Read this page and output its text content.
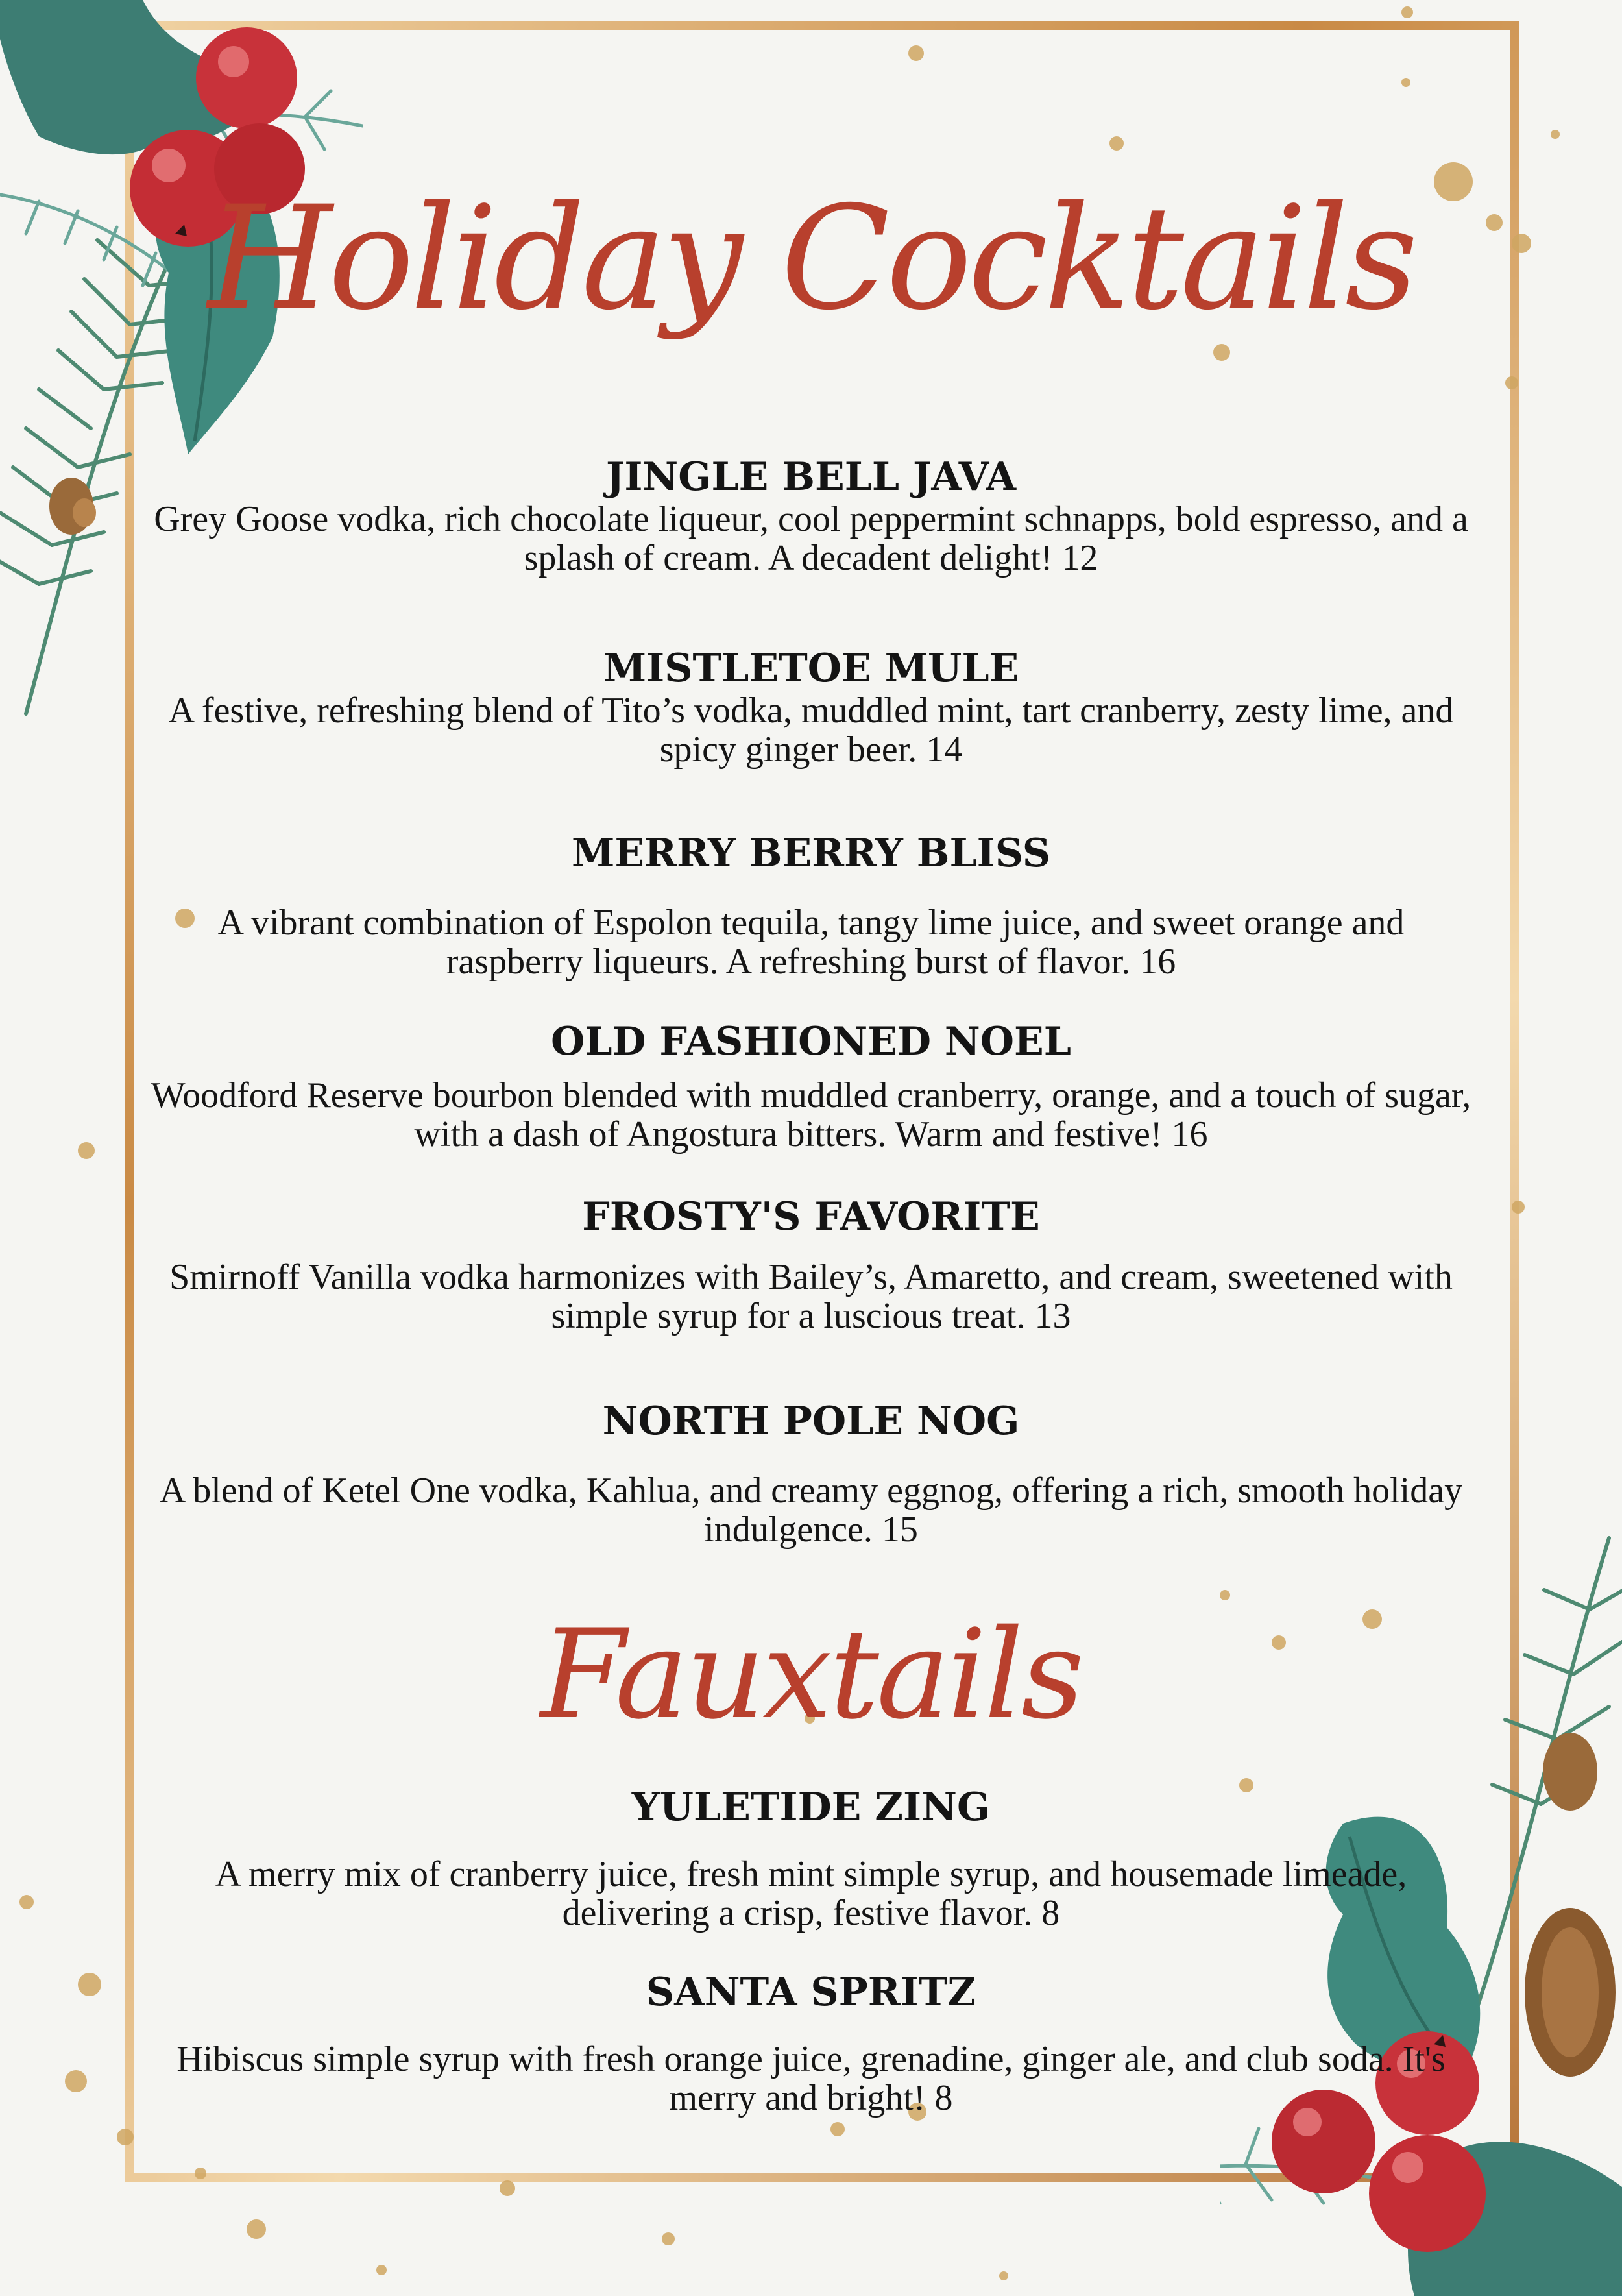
Holiday Cocktails
JINGLE BELL JAVA

Grey Goose vodka, rich chocolate liqueur, cool peppermint schnapps, bold espresso, and a splash of cream. A decadent delight! 12

MISTLETOE MULE

A festive, refreshing blend of Tito’s vodka, muddled mint, tart cranberry, zesty lime, and spicy ginger beer. 14

MERRY BERRY BLISS

A vibrant combination of Espolon tequila, tangy lime juice, and sweet orange and raspberry liqueurs. A refreshing burst of flavor. 16

OLD FASHIONED NOEL

Woodford Reserve bourbon blended with muddled cranberry, orange, and a touch of sugar, with a dash of Angostura bitters. Warm and festive! 16

FROSTY'S FAVORITE

Smirnoff Vanilla vodka harmonizes with Bailey’s, Amaretto, and cream, sweetened with simple syrup for a luscious treat. 13

NORTH POLE NOG

A blend of Ketel One vodka, Kahlua, and creamy eggnog, offering a rich, smooth holiday indulgence. 15

Fauxtails
YULETIDE ZING

A merry mix of cranberry juice, fresh mint simple syrup, and housemade limeade, delivering a crisp, festive flavor. 8

SANTA SPRITZ

Hibiscus simple syrup with fresh orange juice, grenadine, ginger ale, and club soda. It's merry and bright! 8
